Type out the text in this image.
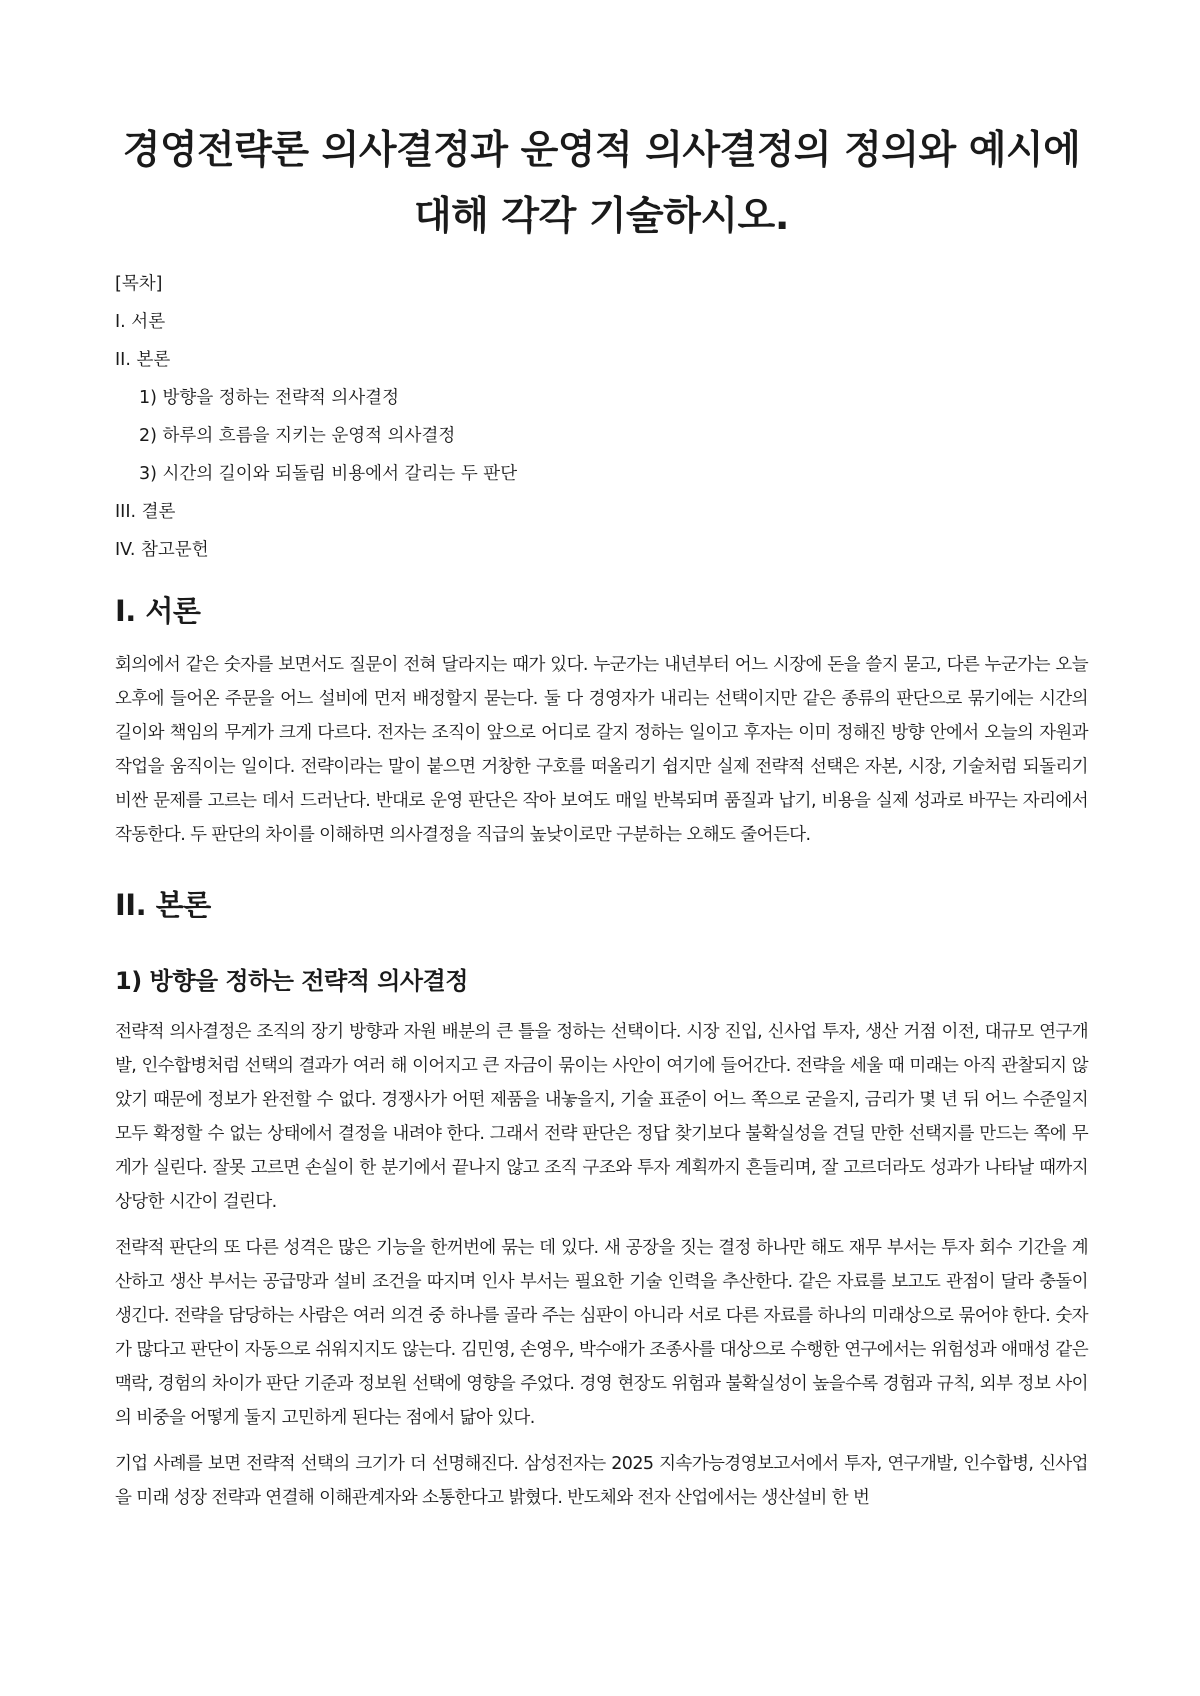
경영전략론 의사결정과 운영적 의사결정의 정의와 예시에 대해 각각 기술하시오.
[목차]
I. 서론
II. 본론
1) 방향을 정하는 전략적 의사결정
2) 하루의 흐름을 지키는 운영적 의사결정
3) 시간의 길이와 되돌림 비용에서 갈리는 두 판단
III. 결론
IV. 참고문헌
I. 서론

회의에서 같은 숫자를 보면서도 질문이 전혀 달라지는 때가 있다. 누군가는 내년부터 어느 시장에 돈을 쓸지 묻고, 다른 누군가는 오늘 오후에 들어온 주문을 어느 설비에 먼저 배정할지 묻는다. 둘 다 경영자가 내리는 선택이지만 같은 종류의 판단으로 묶기에는 시간의 길이와 책임의 무게가 크게 다르다. 전자는 조직이 앞으로 어디로 갈지 정하는 일이고 후자는 이미 정해진 방향 안에서 오늘의 자원과 작업을 움직이는 일이다. 전략이라는 말이 붙으면 거창한 구호를 떠올리기 쉽지만 실제 전략적 선택은 자본, 시장, 기술처럼 되돌리기 비싼 문제를 고르는 데서 드러난다. 반대로 운영 판단은 작아 보여도 매일 반복되며 품질과 납기, 비용을 실제 성과로 바꾸는 자리에서 작동한다. 두 판단의 차이를 이해하면 의사결정을 직급의 높낮이로만 구분하는 오해도 줄어든다.

II. 본론
1) 방향을 정하는 전략적 의사결정

전략적 의사결정은 조직의 장기 방향과 자원 배분의 큰 틀을 정하는 선택이다. 시장 진입, 신사업 투자, 생산 거점 이전, 대규모 연구개발, 인수합병처럼 선택의 결과가 여러 해 이어지고 큰 자금이 묶이는 사안이 여기에 들어간다. 전략을 세울 때 미래는 아직 관찰되지 않았기 때문에 정보가 완전할 수 없다. 경쟁사가 어떤 제품을 내놓을지, 기술 표준이 어느 쪽으로 굳을지, 금리가 몇 년 뒤 어느 수준일지 모두 확정할 수 없는 상태에서 결정을 내려야 한다. 그래서 전략 판단은 정답 찾기보다 불확실성을 견딜 만한 선택지를 만드는 쪽에 무게가 실린다. 잘못 고르면 손실이 한 분기에서 끝나지 않고 조직 구조와 투자 계획까지 흔들리며, 잘 고르더라도 성과가 나타날 때까지 상당한 시간이 걸린다.

전략적 판단의 또 다른 성격은 많은 기능을 한꺼번에 묶는 데 있다. 새 공장을 짓는 결정 하나만 해도 재무 부서는 투자 회수 기간을 계산하고 생산 부서는 공급망과 설비 조건을 따지며 인사 부서는 필요한 기술 인력을 추산한다. 같은 자료를 보고도 관점이 달라 충돌이 생긴다. 전략을 담당하는 사람은 여러 의견 중 하나를 골라 주는 심판이 아니라 서로 다른 자료를 하나의 미래상으로 묶어야 한다. 숫자가 많다고 판단이 자동으로 쉬워지지도 않는다. 김민영, 손영우, 박수애가 조종사를 대상으로 수행한 연구에서는 위험성과 애매성 같은 맥락, 경험의 차이가 판단 기준과 정보원 선택에 영향을 주었다. 경영 현장도 위험과 불확실성이 높을수록 경험과 규칙, 외부 정보 사이의 비중을 어떻게 둘지 고민하게 된다는 점에서 닮아 있다.

기업 사례를 보면 전략적 선택의 크기가 더 선명해진다. 삼성전자는 2025 지속가능경영보고서에서 투자, 연구개발, 인수합병, 신사업을 미래 성장 전략과 연결해 이해관계자와 소통한다고 밝혔다. 반도체와 전자 산업에서는 생산설비 한 번
